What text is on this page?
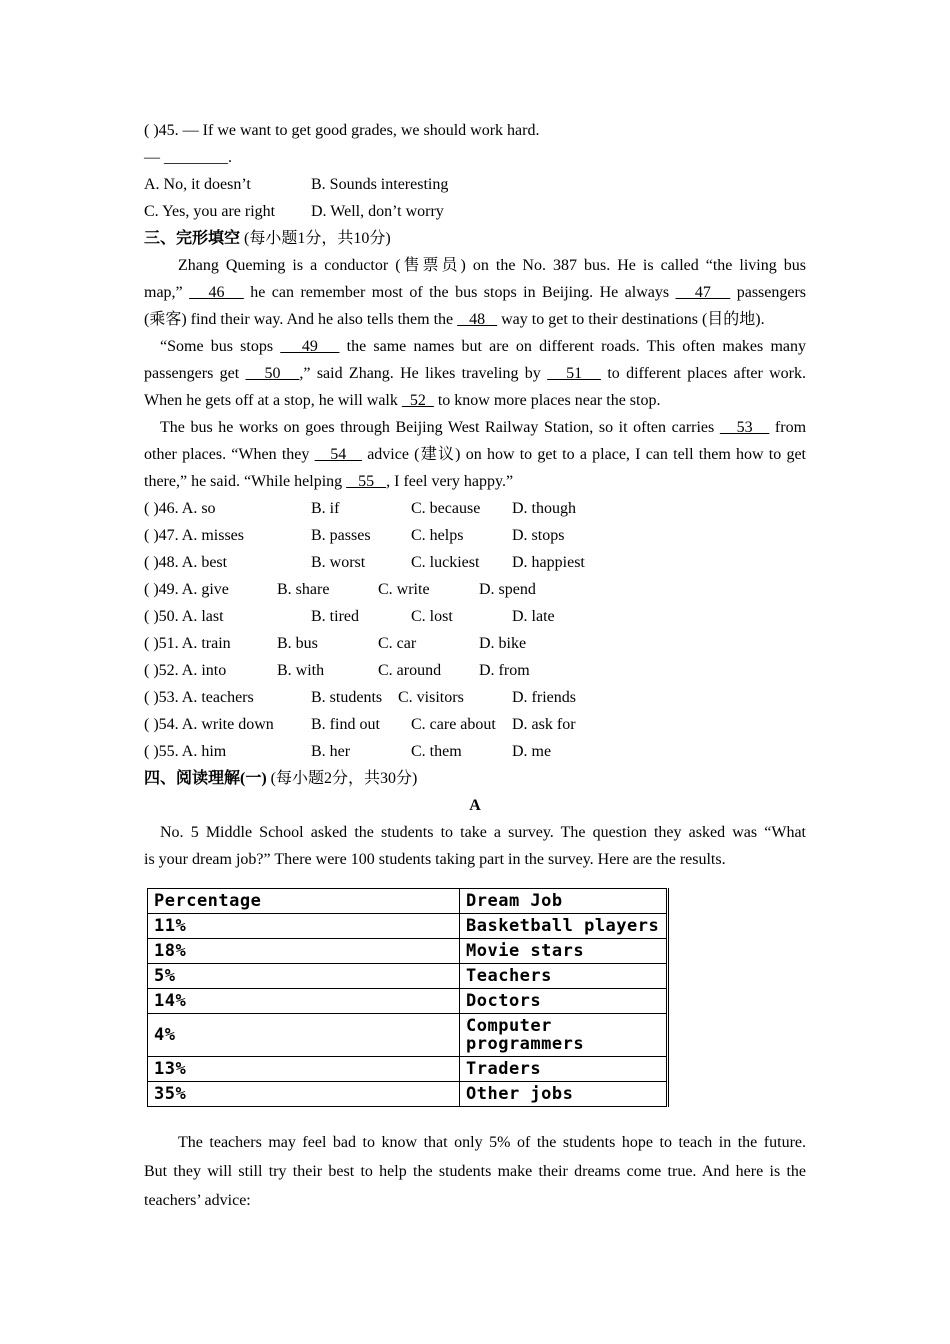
( )45. — If we want to get good grades, we should work hard.
— ________.
A. No, it doesn’t	B. Sounds interesting
C. Yes, you are right D. Well, don’t worry
三、完形填空 (每小题1分，共10分)
Zhang Queming is a conductor (售票员) on the No. 387 bus. He is called “the living bus
map,”    46    he can remember most of the bus stops in Beijing. He always    47    passengers
(乘客) find their way. And he also tells them the    48    way to get to their destinations (目的地).
“Some bus stops    49    the same names but are on different roads. This often makes many
passengers get    50   ,” said Zhang. He likes traveling by    51    to different places after work.
When he gets off at a stop, he will walk   52   to know more places near the stop.
The bus he works on goes through Beijing West Railway Station, so it often carries    53    from
other places. “When they    54    advice (建议) on how to get to a place, I can tell them how to get
there,” he said. “While helping    55   , I feel very happy.”
( )46. A. so	B. if	C. because D. though
( )47. A. misses	B. passes	C. helps	D. stops
( )48. A. best	B. worst	C. luckiest D. happiest
( )49. A. give	B. share	C. write	D. spend
( )50. A. last	B. tired	C. lost	D. late
( )51. A. train	B. bus	C. car	D. bike
( )52. A. into	B. with	C. around D. from
( )53. A. teachers	B. students C. visitors	D. friends
( )54. A. write down B. find out C. care about D. ask for
( )55. A. him	B. her	C. them	D. me
四、阅读理解(一) (每小题2分，共30分)
A
No. 5 Middle School asked the students to take a survey. The question they asked was “What
is your dream job?” There were 100 students taking part in the survey. Here are the results.
Percentage	Dream Job
11%	Basketball players
18%	Movie stars
5%	Teachers
14%	Doctors
4%	Computer programmers
13%	Traders
35%	Other jobs
The teachers may feel bad to know that only 5% of the students hope to teach in the future.
But they will still try their best to help the students make their dreams come true. And here is the
teachers’ advice:
